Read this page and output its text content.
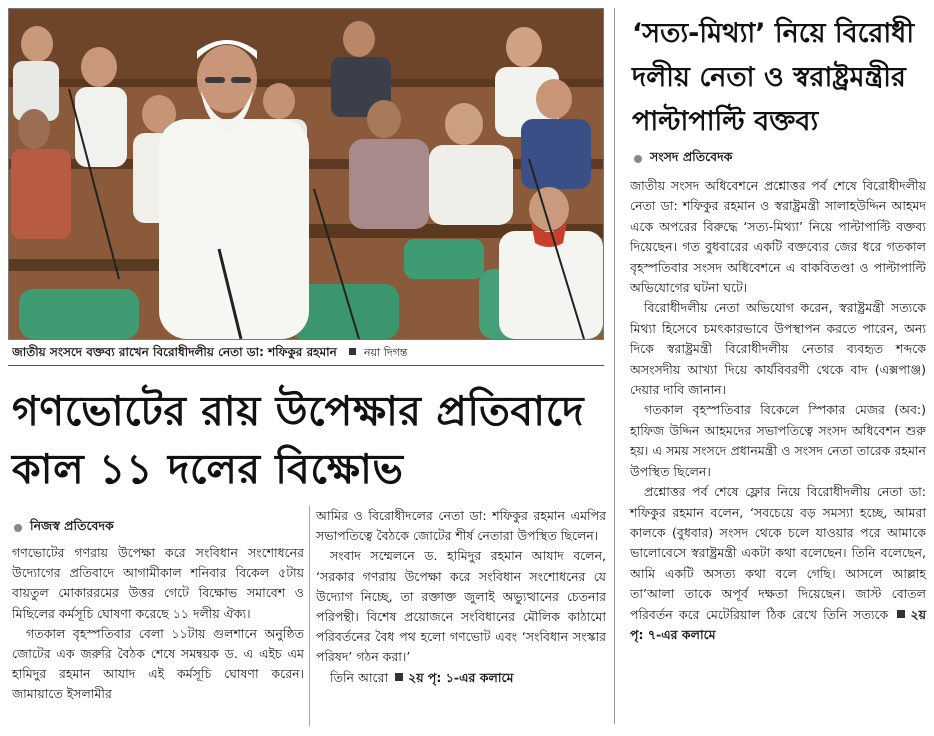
জাতীয় সংসদে বক্তব্য রাখেন বিরোধীদলীয় নেতা ডা: শফিকুর রহমান নয়া দিগন্ত
গণভোটের রায় উপেক্ষার প্রতিবাদে
কাল ১১ দলের বিক্ষোভ
নিজস্ব প্রতিবেদক

গণভোটের গণরায় উপেক্ষা করে সংবিধান সংশোধনের উদ্যোগের প্রতিবাদে আগামীকাল শনিবার বিকেল ৫টায় বায়তুল মোকাররমের উত্তর গেটে বিক্ষোভ সমাবেশ ও মিছিলের কর্মসূচি ঘোষণা করেছে ১১ দলীয় ঐক্য।

গতকাল বৃহস্পতিবার বেলা ১১টায় গুলশানে অনুষ্ঠিত জোটের এক জরুরি বৈঠক শেষে সমন্বয়ক ড. এ এইচ এম হামিদুর রহমান আযাদ এই কর্মসূচি ঘোষণা করেন। জামায়াতে ইসলামীর

আমির ও বিরোধীদলের নেতা ডা: শফিকুর রহমান এমপির সভাপতিত্বে বৈঠকে জোটের শীর্ষ নেতারা উপস্থিত ছিলেন।

সংবাদ সম্মেলনে ড. হামিদুর রহমান আযাদ বলেন, ‘সরকার গণরায় উপেক্ষা করে সংবিধান সংশোধনের যে উদ্যোগ নিচ্ছে, তা রক্তাক্ত জুলাই অভ্যুত্থানের চেতনার পরিপন্থী। বিশেষ প্রয়োজনে সংবিধানের মৌলিক কাঠামো পরিবর্তনের বৈধ পথ হলো গণভোট এবং ‘সংবিধান সংস্কার পরিষদ’ গঠন করা।’

তিনি আরো ২য় পৃ: ১-এর কলামে

‘সত্য-মিথ্যা’ নিয়ে বিরোধী দলীয় নেতা ও স্বরাষ্ট্রমন্ত্রীর পাল্টাপাল্টি বক্তব্য
সংসদ প্রতিবেদক

জাতীয় সংসদ অধিবেশনে প্রশ্নোত্তর পর্ব শেষে বিরোধীদলীয় নেতা ডা: শফিকুর রহমান ও স্বরাষ্ট্রমন্ত্রী সালাহউদ্দিন আহমদ একে অপরের বিরুদ্ধে ‘সত্য-মিথ্যা’ নিয়ে পাল্টাপাল্টি বক্তব্য দিয়েছেন। গত বুধবারের একটি বক্তব্যের জের ধরে গতকাল বৃহস্পতিবার সংসদ অধিবেশনে এ বাকবিতণ্ডা ও পাল্টাপাল্টি অভিযোগের ঘটনা ঘটে।

বিরোধীদলীয় নেতা অভিযোগ করেন, স্বরাষ্ট্রমন্ত্রী সত্যকে মিথ্যা হিসেবে চমৎকারভাবে উপস্থাপন করতে পারেন, অন্য দিকে স্বরাষ্ট্রমন্ত্রী বিরোধীদলীয় নেতার ব্যবহৃত শব্দকে অসংসদীয় আখ্যা দিয়ে কার্যবিবরণী থেকে বাদ (এক্সপাঞ্জ) দেয়ার দাবি জানান।

গতকাল বৃহস্পতিবার বিকেলে স্পিকার মেজর (অব:) হাফিজ উদ্দিন আহমদের সভাপতিত্বে সংসদ অধিবেশন শুরু হয়। এ সময় সংসদে প্রধানমন্ত্রী ও সংসদ নেতা তারেক রহমান উপস্থিত ছিলেন।

প্রশ্নোত্তর পর্ব শেষে ফ্লোর নিয়ে বিরোধীদলীয় নেতা ডা: শফিকুর রহমান বলেন, ‘সবচেয়ে বড় সমস্যা হচ্ছে, আমরা কালকে (বুধবার) সংসদ থেকে চলে যাওয়ার পরে আমাকে ভালোবেসে স্বরাষ্ট্রমন্ত্রী একটা কথা বলেছেন। তিনি বলেছেন, আমি একটি অসত্য কথা বলে গেছি। আসলে আল্লাহ তা’আলা তাকে অপূর্ব দক্ষতা দিয়েছেন। জাস্ট বোতল পরিবর্তন করে মেটেরিয়াল ঠিক রেখে তিনি সত্যকে ২য় পৃ: ৭-এর কলামে
